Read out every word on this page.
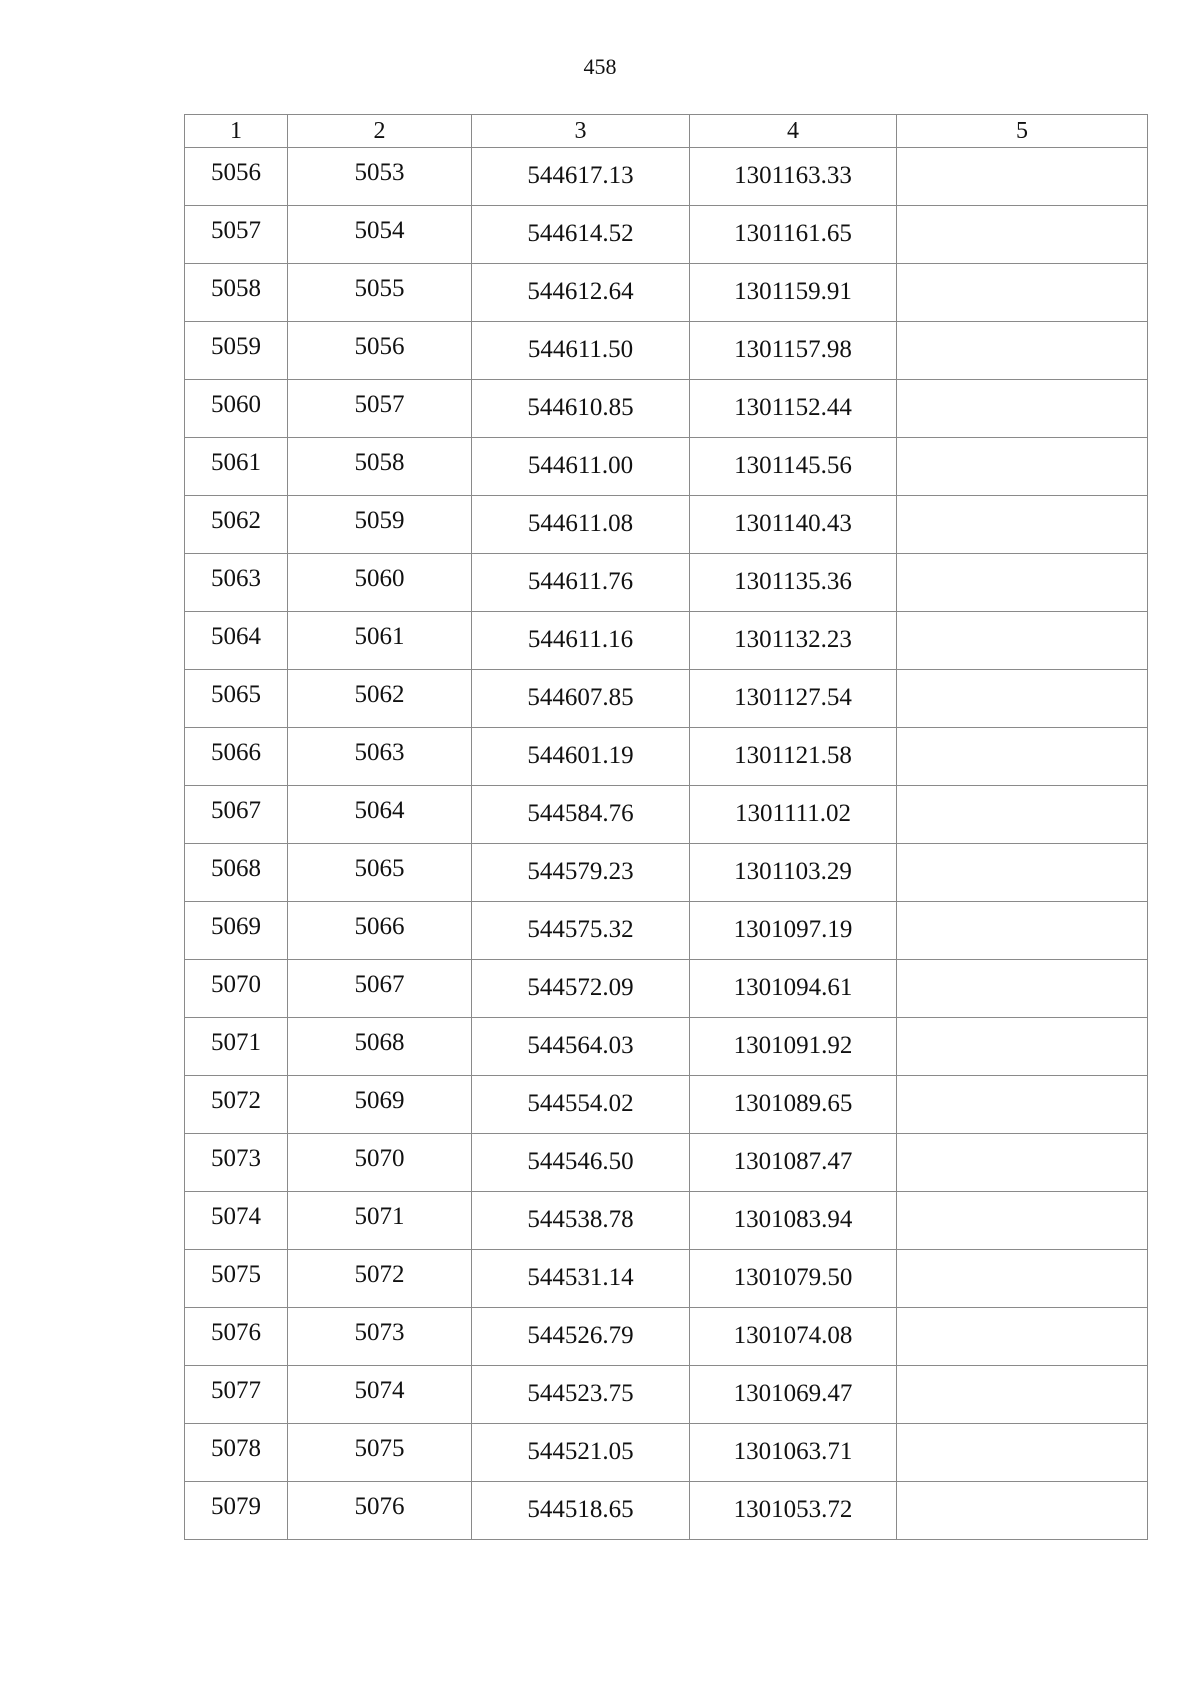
458
1	2	3	4	5
5056	5053	544617.13	1301163.33	
5057	5054	544614.52	1301161.65	
5058	5055	544612.64	1301159.91	
5059	5056	544611.50	1301157.98	
5060	5057	544610.85	1301152.44	
5061	5058	544611.00	1301145.56	
5062	5059	544611.08	1301140.43	
5063	5060	544611.76	1301135.36	
5064	5061	544611.16	1301132.23	
5065	5062	544607.85	1301127.54	
5066	5063	544601.19	1301121.58	
5067	5064	544584.76	1301111.02	
5068	5065	544579.23	1301103.29	
5069	5066	544575.32	1301097.19	
5070	5067	544572.09	1301094.61	
5071	5068	544564.03	1301091.92	
5072	5069	544554.02	1301089.65	
5073	5070	544546.50	1301087.47	
5074	5071	544538.78	1301083.94	
5075	5072	544531.14	1301079.50	
5076	5073	544526.79	1301074.08	
5077	5074	544523.75	1301069.47	
5078	5075	544521.05	1301063.71	
5079	5076	544518.65	1301053.72	
